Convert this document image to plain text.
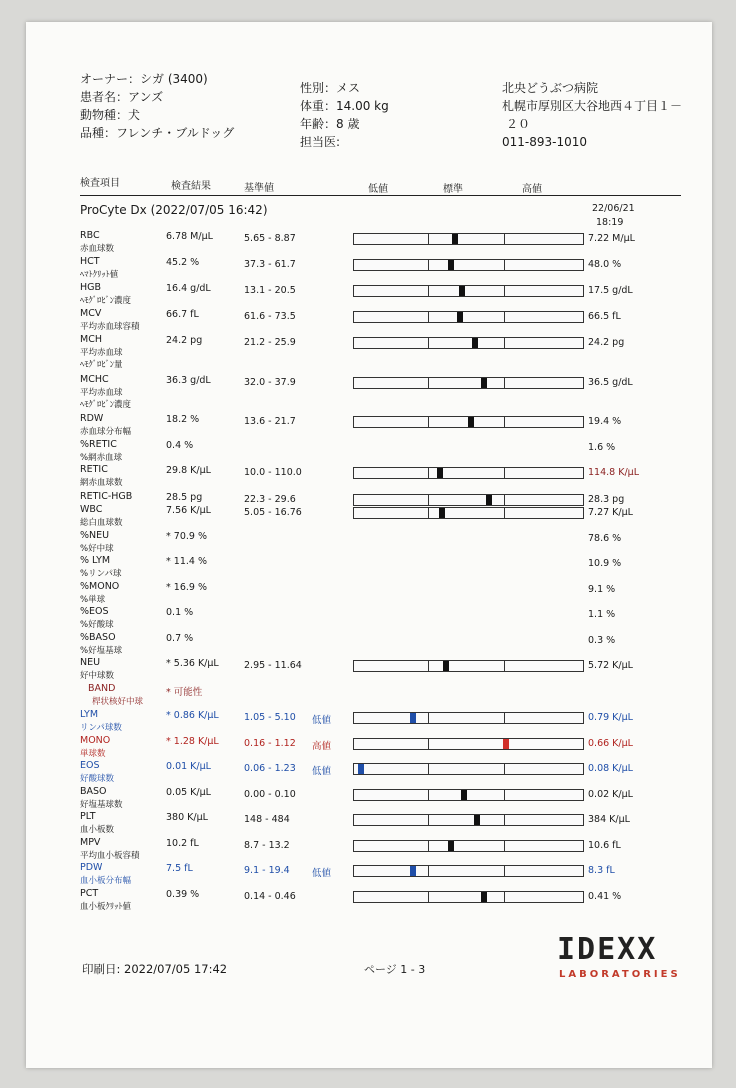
オーナー：シガ (3400)
患者名：アンズ
動物種：犬
品種：フレンチ・ブルドッグ
性別：メス
体重：14.00 kg
年齢：8 歳
担当医:
北央どうぶつ病院
札幌市厚別区大谷地西４丁目１－
２０
011-893-1010
検査項目	検査結果	基準値	低値	標準	高値
ProCyte Dx (2022/07/05 16:42)	22/06/21
18:19
RBC
赤血球数
6.78 M/µL	5.65 - 8.87	7.22 M/µL
HCT
ﾍﾏﾄｸﾘｯﾄ値
45.2 %	37.3 - 61.7	48.0 %
HGB
ﾍﾓｸﾞﾛﾋﾞﾝ濃度
16.4 g/dL	13.1 - 20.5	17.5 g/dL
MCV
平均赤血球容積
66.7 fL	61.6 - 73.5	66.5 fL
MCH
平均赤血球
ﾍﾓｸﾞﾛﾋﾞﾝ量
24.2 pg	21.2 - 25.9	24.2 pg
MCHC
平均赤血球
ﾍﾓｸﾞﾛﾋﾞﾝ濃度
36.3 g/dL	32.0 - 37.9	36.5 g/dL
RDW
赤血球分布幅
18.2 %	13.6 - 21.7	19.4 %
%RETIC
%網赤血球
0.4 %	1.6 %
RETIC
網赤血球数
29.8 K/µL	10.0 - 110.0	114.8 K/µL
RETIC-HGB	28.5 pg	22.3 - 29.6	28.3 pg
WBC
総白血球数
7.56 K/µL	5.05 - 16.76	7.27 K/µL
%NEU
%好中球
* 70.9 %	78.6 %
% LYM
%リンパ球
* 11.4 %	10.9 %
%MONO
%単球
* 16.9 %	9.1 %
%EOS
%好酸球
0.1 %	1.1 %
%BASO
%好塩基球
0.7 %	0.3 %
NEU
好中球数
* 5.36 K/µL	2.95 - 11.64	5.72 K/µL
BAND
桿状核好中球
* 可能性
LYM
リンパ球数
* 0.86 K/µL	1.05 - 5.10 低値	0.79 K/µL
MONO
単球数
* 1.28 K/µL	0.16 - 1.12 高値	0.66 K/µL
EOS
好酸球数
0.01 K/µL	0.06 - 1.23 低値	0.08 K/µL
BASO
好塩基球数
0.05 K/µL	0.00 - 0.10	0.02 K/µL
PLT
血小板数
380 K/µL	148 - 484	384 K/µL
MPV
平均血小板容積
10.2 fL	8.7 - 13.2	10.6 fL
PDW
血小板分布幅
7.5 fL	9.1 - 19.4 低値	8.3 fL
PCT
血小板ｸﾘｯﾄ値
0.39 %	0.14 - 0.46	0.41 %
印刷日: 2022/07/05 17:42	ページ 1 - 3
IDEXX
LABORATORIES
